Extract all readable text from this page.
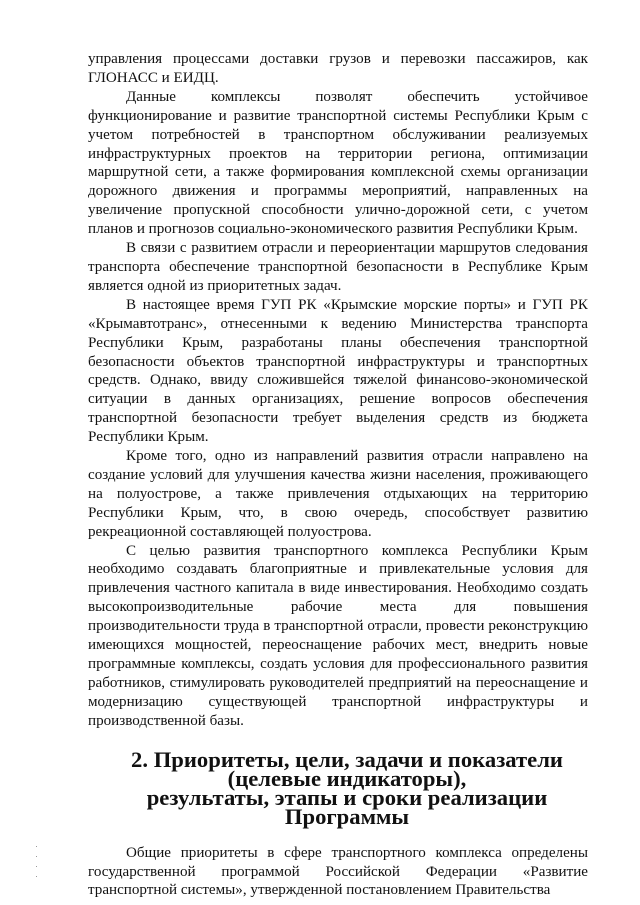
управления процессами доставки грузов и перевозки пассажиров, как ГЛОНАСС и ЕИДЦ.

Данные комплексы позволят обеспечить устойчивое функционирование и развитие транспортной системы Республики Крым с учетом потребностей в транспортном обслуживании реализуемых инфраструктурных проектов на территории региона, оптимизации маршрутной сети, а также формирования комплексной схемы организации дорожного движения и программы мероприятий, направленных на увеличение пропускной способности улично-дорожной сети, с учетом планов и прогнозов социально-экономического развития Республики Крым.

В связи с развитием отрасли и переориентации маршрутов следования транспорта обеспечение транспортной безопасности в Республике Крым является одной из приоритетных задач.

В настоящее время ГУП РК «Крымские морские порты» и ГУП РК «Крымавтотранс», отнесенными к ведению Министерства транспорта Республики Крым, разработаны планы обеспечения транспортной безопасности объектов транспортной инфраструктуры и транспортных средств. Однако, ввиду сложившейся тяжелой финансово-экономической ситуации в данных организациях, решение вопросов обеспечения транспортной безопасности требует выделения средств из бюджета Республики Крым.

Кроме того, одно из направлений развития отрасли направлено на создание условий для улучшения качества жизни населения, проживающего на полуострове, а также привлечения отдыхающих на территорию Республики Крым, что, в свою очередь, способствует развитию рекреационной составляющей полуострова.

С целью развития транспортного комплекса Республики Крым необходимо создавать благоприятные и привлекательные условия для привлечения частного капитала в виде инвестирования. Необходимо создать высокопроизводительные рабочие места для повышения производительности труда в транспортной отрасли, провести реконструкцию имеющихся мощностей, переоснащение рабочих мест, внедрить новые программные комплексы, создать условия для профессионального развития работников, стимулировать руководителей предприятий на переоснащение и модернизацию существующей транспортной инфраструктуры и производственной базы.

2. Приоритеты, цели, задачи и показатели (целевые индикаторы),
результаты, этапы и сроки реализации Программы

Общие приоритеты в сфере транспортного комплекса определены государственной программой Российской Федерации «Развитие транспортной системы», утвержденной постановлением Правительства
